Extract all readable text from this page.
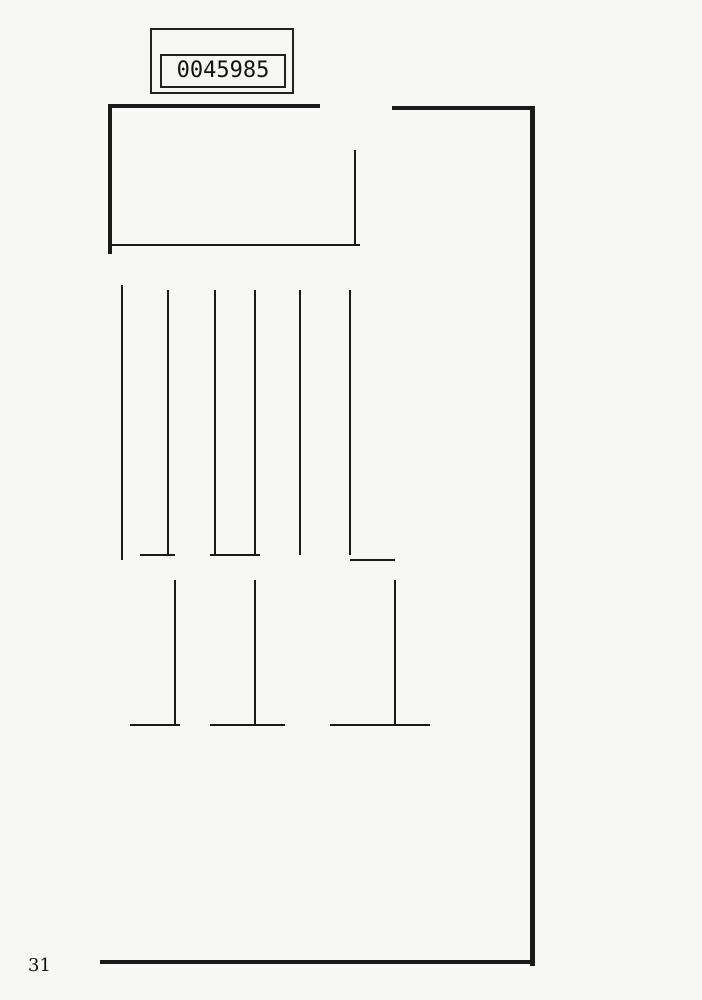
0045985
31
